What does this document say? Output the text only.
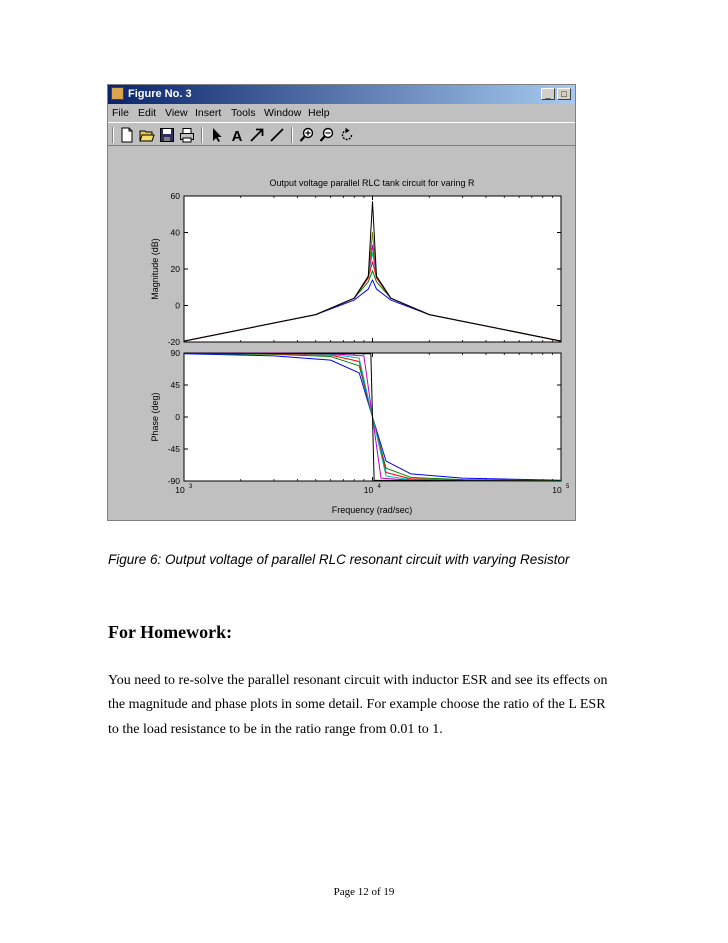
Figure No. 3	_	□
File Edit View Insert Tools Window Help
A
-20
0
20
40
60
-90
-45
0
45
90
10 3	10 4	10 5
Output voltage parallel RLC tank circuit for varing R
Magnitude (dB)
Phase (deg)
Frequency (rad/sec)
Figure 6: Output voltage of parallel RLC resonant circuit with varying Resistor
For Homework:
You need to re-solve the parallel resonant circuit with inductor ESR and see its effects on
the magnitude and phase plots in some detail. For example choose the ratio of the L ESR
to the load resistance to be in the ratio range from 0.01 to 1.
Page 12 of 19
